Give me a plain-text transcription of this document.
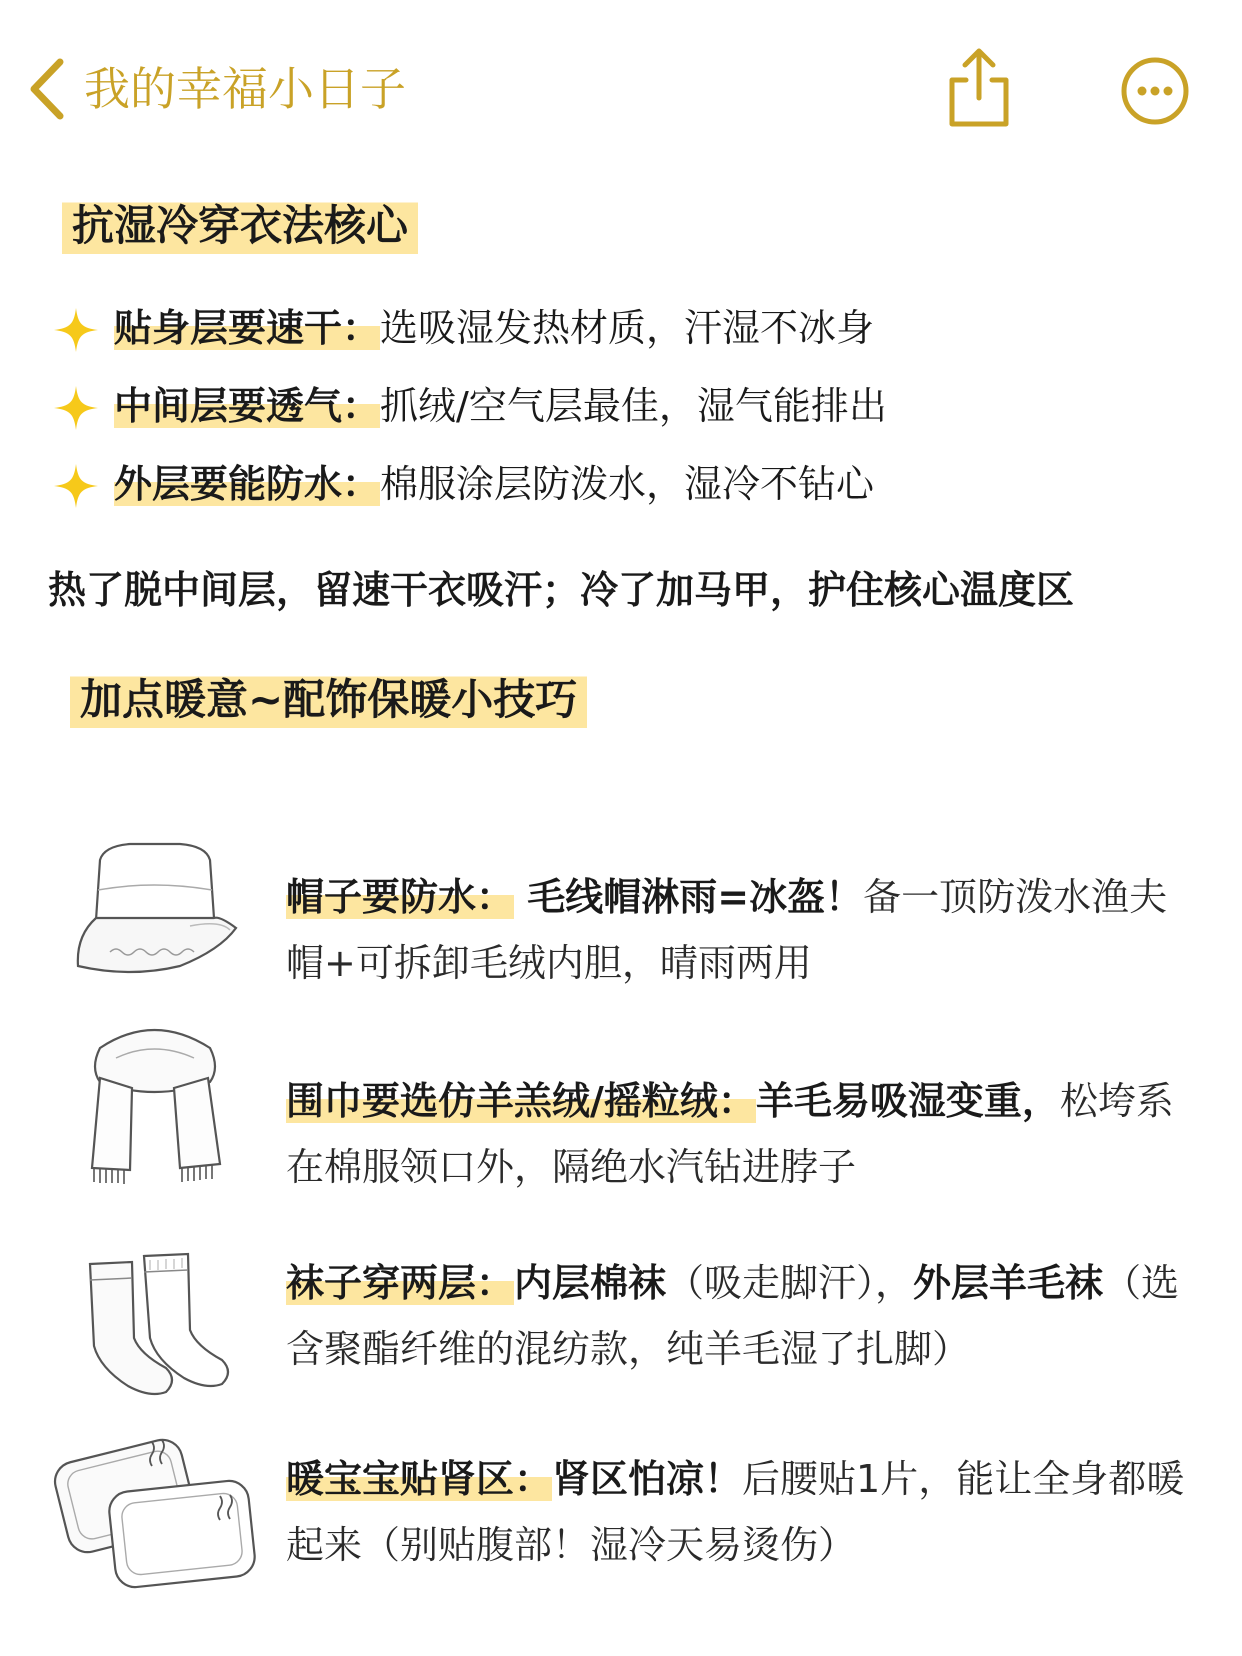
我的幸福小日子
抗湿冷穿衣法核心
贴身层要速干：选吸湿发热材质，汗湿不冰身
中间层要透气：抓绒/空气层最佳，湿气能排出
外层要能防水：棉服涂层防泼水，湿冷不钻心
热了脱中间层，留速干衣吸汗；冷了加马甲，护住核心温度区
加点暖意~配饰保暖小技巧
帽子要防水： 毛线帽淋雨=冰盔！备一顶防泼水渔夫帽+可拆卸毛绒内胆，晴雨两用
围巾要选仿羊羔绒/摇粒绒：羊毛易吸湿变重，松垮系在棉服领口外，隔绝水汽钻进脖子
袜子穿两层：内层棉袜（吸走脚汗），外层羊毛袜（选含聚酯纤维的混纺款，纯羊毛湿了扎脚）
暖宝宝贴肾区：肾区怕凉！后腰贴1片，能让全身都暖起来（别贴腹部！湿冷天易烫伤）
